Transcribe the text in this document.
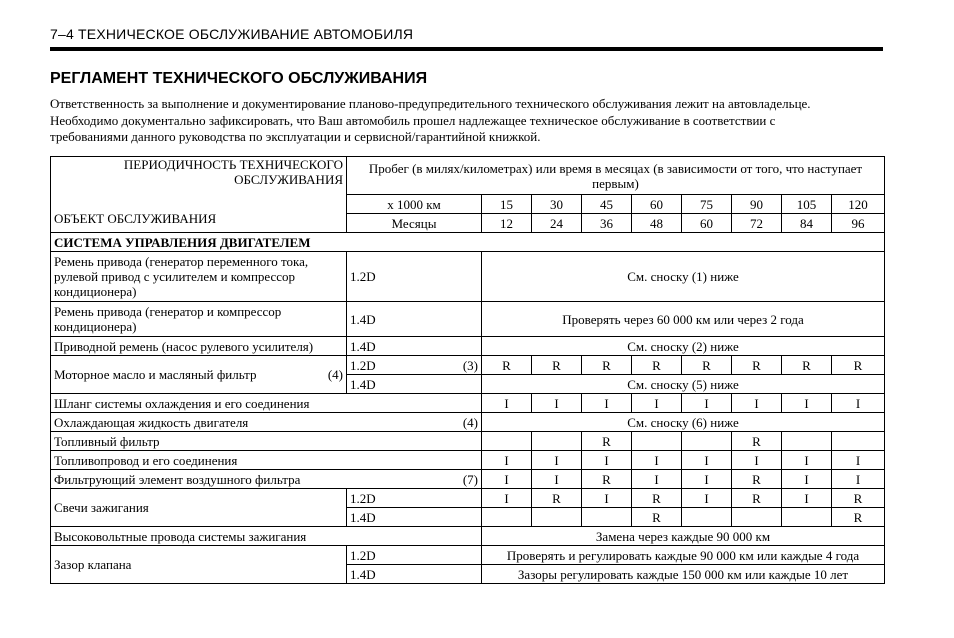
7–4 ТЕХНИЧЕСКОЕ ОБСЛУЖИВАНИЕ АВТОМОБИЛЯ
РЕГЛАМЕНТ ТЕХНИЧЕСКОГО ОБСЛУЖИВАНИЯ
Ответственность за выполнение и документирование планово-предупредительного технического обслуживания лежит на автовладельце.
Необходимо документально зафиксировать, что Ваш автомобиль прошел надлежащее техническое обслуживание в соответствии с
требованиями данного руководства по эксплуатации и сервисной/гарантийной книжкой.
ПЕРИОДИЧНОСТЬ ТЕХНИЧЕСКОГО ОБСЛУЖИВАНИЯ
ОБЪЕКТ ОБСЛУЖИВАНИЯ	Пробег (в милях/километрах) или время в месяцах (в зависимости от того, что наступает первым)								
	х 1000 км	15	30	45	60	75	90	105	120
	Месяцы	12	24	36	48	60	72	84	96
СИСТЕМА УПРАВЛЕНИЯ ДВИГАТЕЛЕМ									
Ремень привода (генератор переменного тока, рулевой привод с усилителем и компрессор кондиционера)	1.2D	См. сноску (1) ниже							
Ремень привода (генератор и компрессор кондиционера)	1.4D	Проверять через 60 000 км или через 2 года							
Приводной ремень (насос рулевого усилителя)	1.4D	См. сноску (2) ниже							

Моторное масло и масляный фильтр (4)	1.2D (3)	R	R	R	R	R	R	R	R
	1.4D	См. сноску (5) ниже							
Шланг системы охлаждения и его соединения		I	I	I	I	I	I	I	I

Охлаждающая жидкость двигателя (4)		См. сноску (6) ниже							
Топливный фильтр				R			R		
Топливопровод и его соединения		I	I	I	I	I	I	I	I

Фильтрующий элемент воздушного фильтра (7)		I	I	R	I	I	R	I	I
Свечи зажигания	1.2D	I	R	I	R	I	R	I	R
	1.4D				R				R
Высоковольтные провода системы зажигания		Замена через каждые 90 000 км							
Зазор клапана	1.2D	Проверять и регулировать каждые 90 000 км или каждые 4 года							
	1.4D	Зазоры регулировать каждые 150 000 км или каждые 10 лет							
